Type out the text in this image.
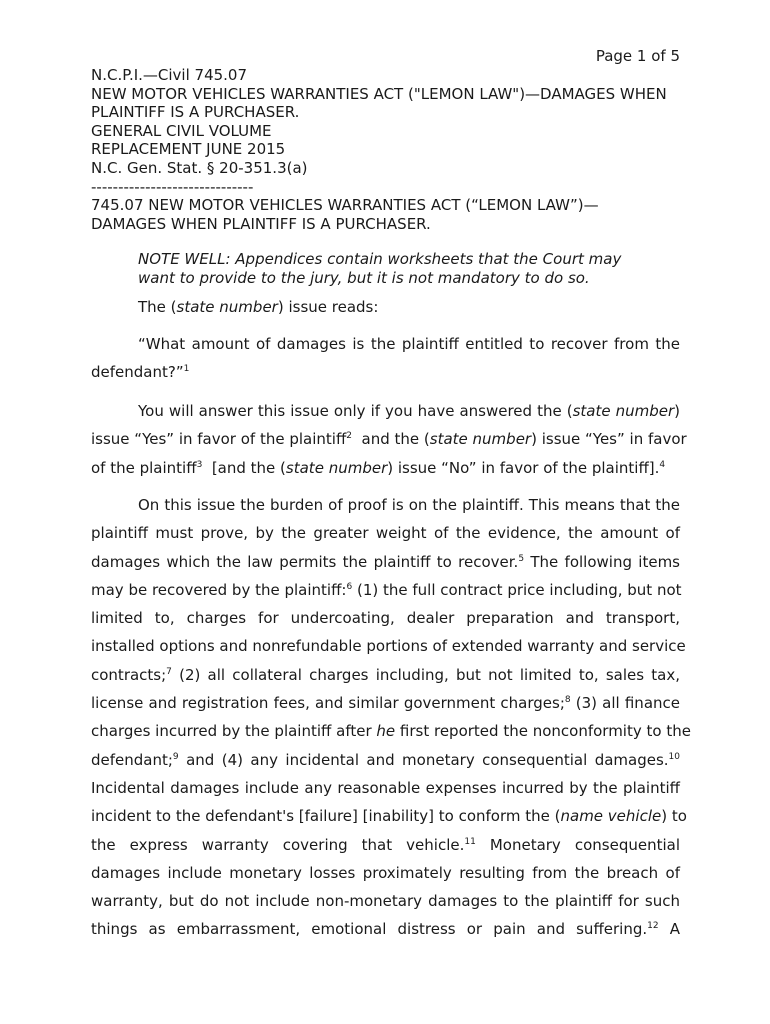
Page 1 of 5
N.C.P.I.—Civil 745.07
NEW MOTOR VEHICLES WARRANTIES ACT ("LEMON LAW")—DAMAGES WHEN
PLAINTIFF IS A PURCHASER.
GENERAL CIVIL VOLUME
REPLACEMENT JUNE 2015
N.C. Gen. Stat. § 20-351.3(a)
------------------------------
745.07 NEW MOTOR VEHICLES WARRANTIES ACT (“LEMON LAW”)—
DAMAGES WHEN PLAINTIFF IS A PURCHASER.
NOTE WELL: Appendices contain worksheets that the Court may
want to provide to the jury, but it is not mandatory to do so.
The (state number) issue reads:
“What amount of damages is the plaintiff entitled to recover from the
defendant?”$^1$
You will answer this issue only if you have answered the (state number)
issue “Yes” in favor of the plaintiff$^2$  and the (state number) issue “Yes” in favor
of the plaintiff$^3$  [and the (state number) issue “No” in favor of the plaintiff].$^4$
On this issue the burden of proof is on the plaintiff. This means that the
plaintiff must prove, by the greater weight of the evidence, the amount of
damages which the law permits the plaintiff to recover.$^5$ The following items
may be recovered by the plaintiff:$^6$ (1) the full contract price including, but not
limited to, charges for undercoating, dealer preparation and transport,
installed options and nonrefundable portions of extended warranty and service
contracts;$^7$ (2) all collateral charges including, but not limited to, sales tax,
license and registration fees, and similar government charges;$^8$ (3) all finance
charges incurred by the plaintiff after he first reported the nonconformity to the
defendant;$^9$ and (4) any incidental and monetary consequential damages.$^{10}$
Incidental damages include any reasonable expenses incurred by the plaintiff
incident to the defendant's [failure] [inability] to conform the (name vehicle) to
the express warranty covering that vehicle.$^{11}$ Monetary consequential
damages include monetary losses proximately resulting from the breach of
warranty, but do not include non-monetary damages to the plaintiff for such
things as embarrassment, emotional distress or pain and suffering.$^{12}$ A
